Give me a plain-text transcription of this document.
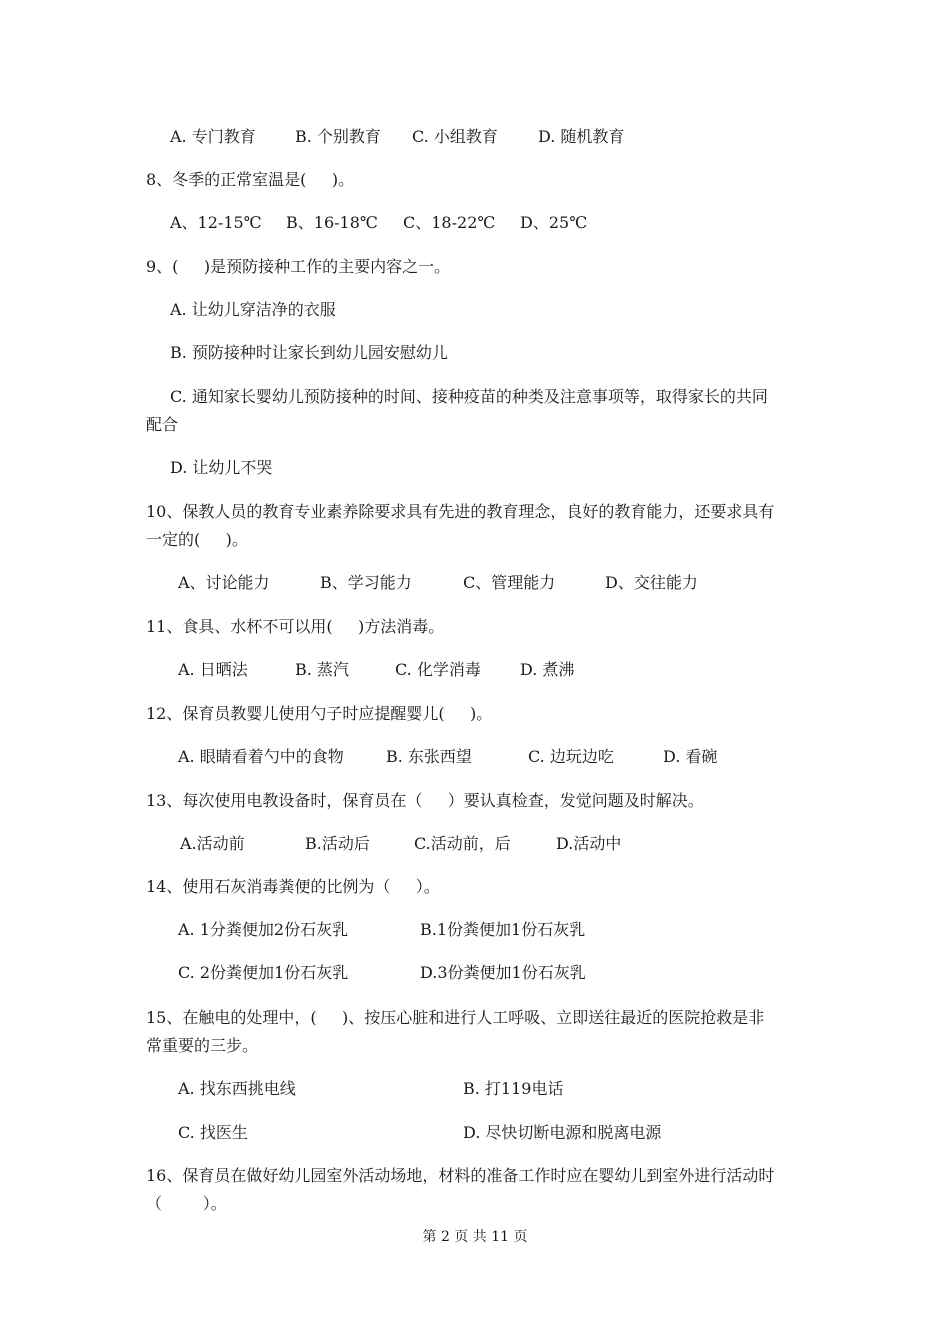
A. 专门教育 B. 个别教育 C. 小组教育	D. 随机教育
8、冬季的正常室温是(     )。
A、12-15℃ B、16-18℃ C、18-22℃ D、25℃
9、(     )是预防接种工作的主要内容之一。
A. 让幼儿穿洁净的衣服
B. 预防接种时让家长到幼儿园安慰幼儿
C. 通知家长婴幼儿预防接种的时间、接种疫苗的种类及注意事项等，取得家长的共同
配合
D. 让幼儿不哭
10、保教人员的教育专业素养除要求具有先进的教育理念，良好的教育能力，还要求具有
一定的(     )。
A、讨论能力	B、学习能力	C、管理能力	D、交往能力
11、食具、水杯不可以用(     )方法消毒。
A. 日晒法	B. 蒸汽	C. 化学消毒 D. 煮沸
12、保育员教婴儿使用勺子时应提醒婴儿(     )。
A. 眼睛看着勺中的食物	B. 东张西望	C. 边玩边吃	D. 看碗
13、每次使用电教设备时，保育员在（     ）要认真检查，发觉问题及时解决。
A.活动前	B.活动后	C.活动前，后	D.活动中
14、使用石灰消毒粪便的比例为（     ）。
A. 1分粪便加2份石灰乳	B.1份粪便加1份石灰乳
C. 2份粪便加1份石灰乳	D.3份粪便加1份石灰乳
15、在触电的处理中，(     )、按压心脏和进行人工呼吸、立即送往最近的医院抢救是非
常重要的三步。
A. 找东西挑电线	B. 打119电话
C. 找医生	D. 尽快切断电源和脱离电源
16、保育员在做好幼儿园室外活动场地，材料的准备工作时应在婴幼儿到室外进行活动时
（        ）。
第 2 页 共 11 页
